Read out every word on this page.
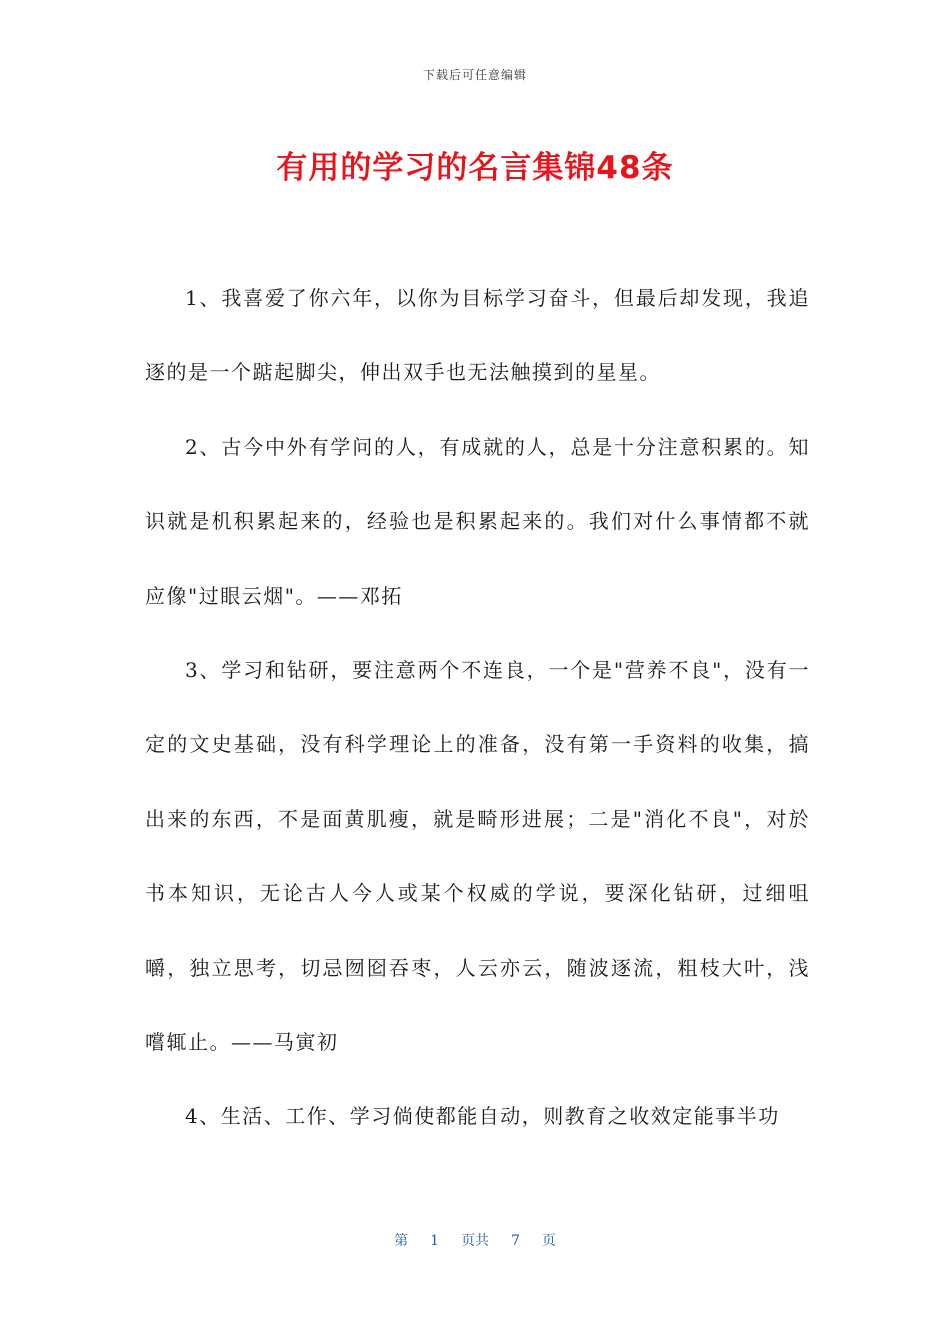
下载后可任意编辑
有用的学习的名言集锦48条

1、我喜爱了你六年，以你为目标学习奋斗，但最后却发现，我追逐的是一个踮起脚尖，伸出双手也无法触摸到的星星。

2、古今中外有学问的人，有成就的人，总是十分注意积累的。知识就是机积累起来的，经验也是积累起来的。我们对什么事情都不就应像"过眼云烟"。——邓拓

3、学习和钻研，要注意两个不连良，一个是"营养不良"，没有一定的文史基础，没有科学理论上的准备，没有第一手资料的收集，搞出来的东西，不是面黄肌瘦，就是畸形进展；二是"消化不良"，对於书本知识，无论古人今人或某个权威的学说，要深化钻研，过细咀嚼，独立思考，切忌囫囵吞枣，人云亦云，随波逐流，粗枝大叶，浅嚐辄止。——马寅初

4、生活、工作、学习倘使都能自动，则教育之收效定能事半功

第 1 页共 7 页
